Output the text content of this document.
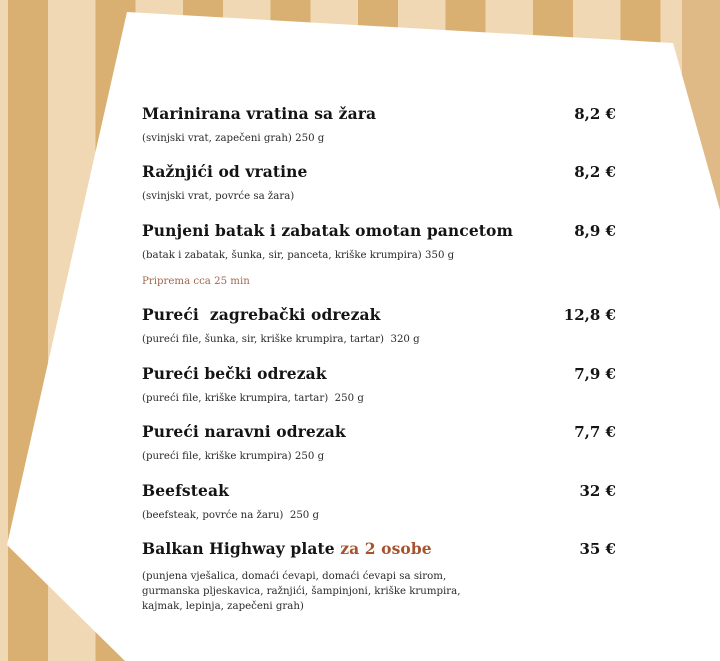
Marinirana vratina sa žara	8,2 €
(svinjski vrat, zapečeni grah) 250 g
Ražnjići od vratine	8,2 €
(svinjski vrat, povrće sa žara)
Punjeni batak i zabatak omotan pancetom	8,9 €
(batak i zabatak, šunka, sir, panceta, kriške krumpira) 350 g
Priprema cca 25 min
Pureći  zagrebački odrezak	12,8 €
(pureći file, šunka, sir, kriške krumpira, tartar)  320 g
Pureći bečki odrezak	7,9 €
(pureći file, kriške krumpira, tartar)  250 g
Pureći naravni odrezak	7,7 €
(pureći file, kriške krumpira) 250 g
Beefsteak	32 €
(beefsteak, povrće na žaru)  250 g
Balkan Highway plate za 2 osobe	35 €
(punjena vješalica, domaći ćevapi, domaći ćevapi sa sirom,
gurmanska pljeskavica, ražnjići, šampinjoni, kriške krumpira,
kajmak, lepinja, zapečeni grah)
